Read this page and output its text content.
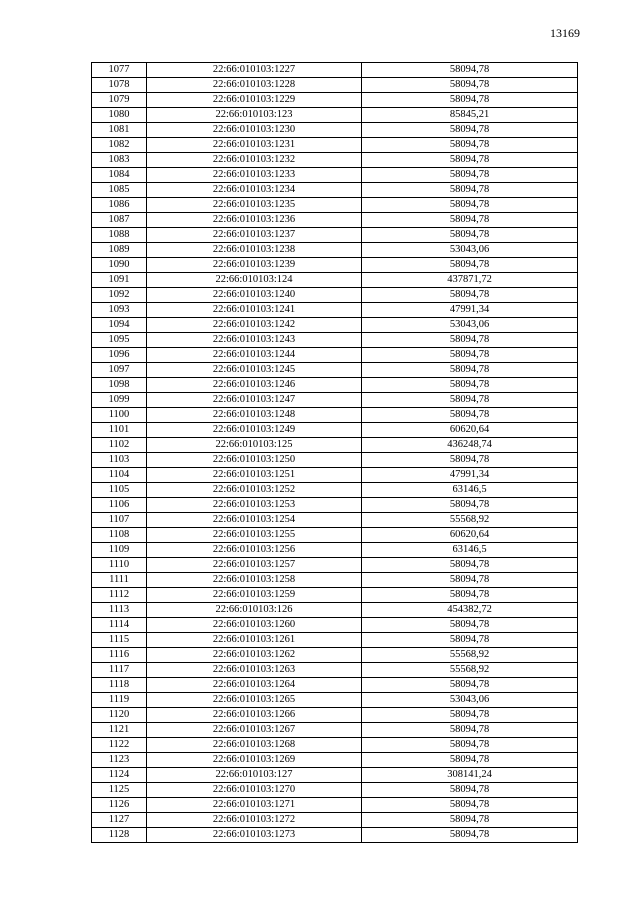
13169
1077	22:66:010103:1227	58094,78
1078	22:66:010103:1228	58094,78
1079	22:66:010103:1229	58094,78
1080	22:66:010103:123	85845,21
1081	22:66:010103:1230	58094,78
1082	22:66:010103:1231	58094,78
1083	22:66:010103:1232	58094,78
1084	22:66:010103:1233	58094,78
1085	22:66:010103:1234	58094,78
1086	22:66:010103:1235	58094,78
1087	22:66:010103:1236	58094,78
1088	22:66:010103:1237	58094,78
1089	22:66:010103:1238	53043,06
1090	22:66:010103:1239	58094,78
1091	22:66:010103:124	437871,72
1092	22:66:010103:1240	58094,78
1093	22:66:010103:1241	47991,34
1094	22:66:010103:1242	53043,06
1095	22:66:010103:1243	58094,78
1096	22:66:010103:1244	58094,78
1097	22:66:010103:1245	58094,78
1098	22:66:010103:1246	58094,78
1099	22:66:010103:1247	58094,78
1100	22:66:010103:1248	58094,78
1101	22:66:010103:1249	60620,64
1102	22:66:010103:125	436248,74
1103	22:66:010103:1250	58094,78
1104	22:66:010103:1251	47991,34
1105	22:66:010103:1252	63146,5
1106	22:66:010103:1253	58094,78
1107	22:66:010103:1254	55568,92
1108	22:66:010103:1255	60620,64
1109	22:66:010103:1256	63146,5
1110	22:66:010103:1257	58094,78
1111	22:66:010103:1258	58094,78
1112	22:66:010103:1259	58094,78
1113	22:66:010103:126	454382,72
1114	22:66:010103:1260	58094,78
1115	22:66:010103:1261	58094,78
1116	22:66:010103:1262	55568,92
1117	22:66:010103:1263	55568,92
1118	22:66:010103:1264	58094,78
1119	22:66:010103:1265	53043,06
1120	22:66:010103:1266	58094,78
1121	22:66:010103:1267	58094,78
1122	22:66:010103:1268	58094,78
1123	22:66:010103:1269	58094,78
1124	22:66:010103:127	308141,24
1125	22:66:010103:1270	58094,78
1126	22:66:010103:1271	58094,78
1127	22:66:010103:1272	58094,78
1128	22:66:010103:1273	58094,78
